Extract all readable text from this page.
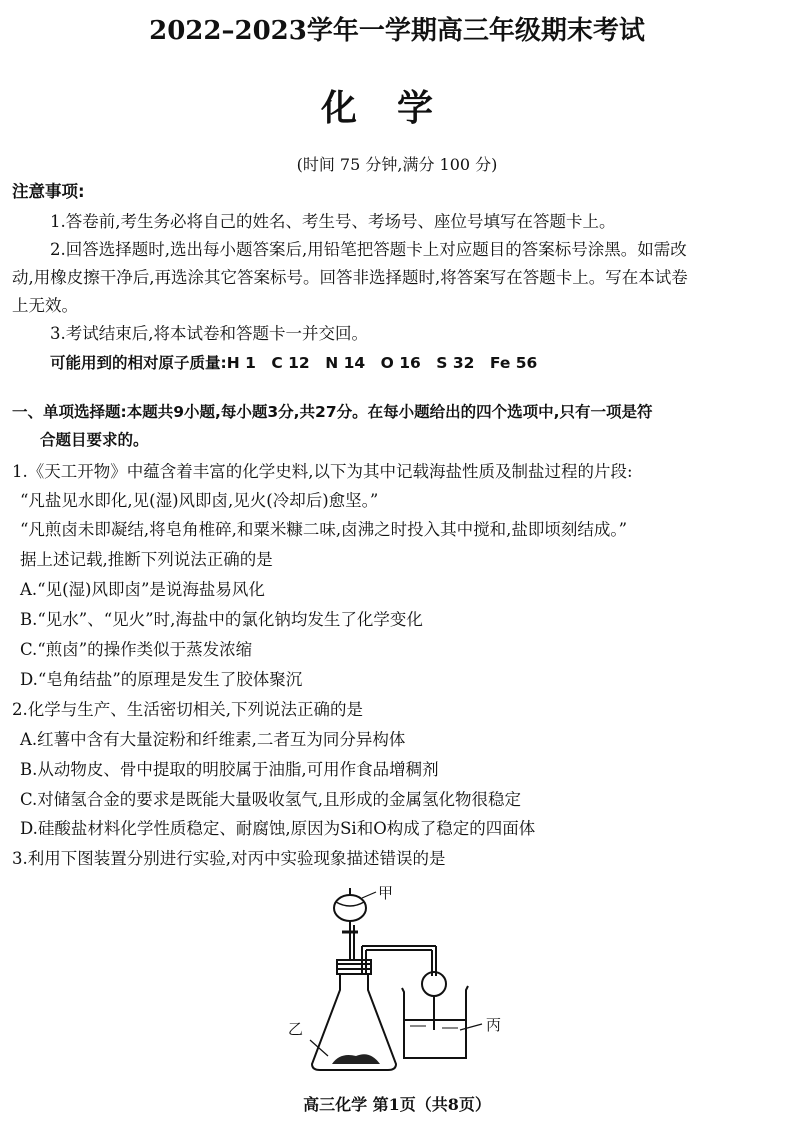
2022–2023学年一学期高三年级期末考试
化学
(时间 75 分钟,满分 100 分)
注意事项:
1.答卷前,考生务必将自己的姓名、考生号、考场号、座位号填写在答题卡上。
2.回答选择题时,选出每小题答案后,用铅笔把答题卡上对应题目的答案标号涂黑。如需改
动,用橡皮擦干净后,再选涂其它答案标号。回答非选择题时,将答案写在答题卡上。写在本试卷
上无效。
3.考试结束后,将本试卷和答题卡一并交回。
可能用到的相对原子质量:H 1　C 12　N 14　O 16　S 32　Fe 56
一、单项选择题:本题共9小题,每小题3分,共27分。在每小题给出的四个选项中,只有一项是符
合题目要求的。
1.《天工开物》中蕴含着丰富的化学史料,以下为其中记载海盐性质及制盐过程的片段:
“凡盐见水即化,见(湿)风即卤,见火(冷却后)愈坚。”
“凡煎卤未即凝结,将皂角椎碎,和粟米糠二味,卤沸之时投入其中搅和,盐即顷刻结成。”
据上述记载,推断下列说法正确的是
A.“见(湿)风即卤”是说海盐易风化
B.“见水”、“见火”时,海盐中的氯化钠均发生了化学变化
C.“煎卤”的操作类似于蒸发浓缩
D.“皂角结盐”的原理是发生了胶体聚沉
2.化学与生产、生活密切相关,下列说法正确的是
A.红薯中含有大量淀粉和纤维素,二者互为同分异构体
B.从动物皮、骨中提取的明胶属于油脂,可用作食品增稠剂
C.对储氢合金的要求是既能大量吸收氢气,且形成的金属氢化物很稳定
D.硅酸盐材料化学性质稳定、耐腐蚀,原因为Si和O构成了稳定的四面体
3.利用下图装置分别进行实验,对丙中实验现象描述错误的是
甲
乙	丙
高三化学 第1页（共8页）
